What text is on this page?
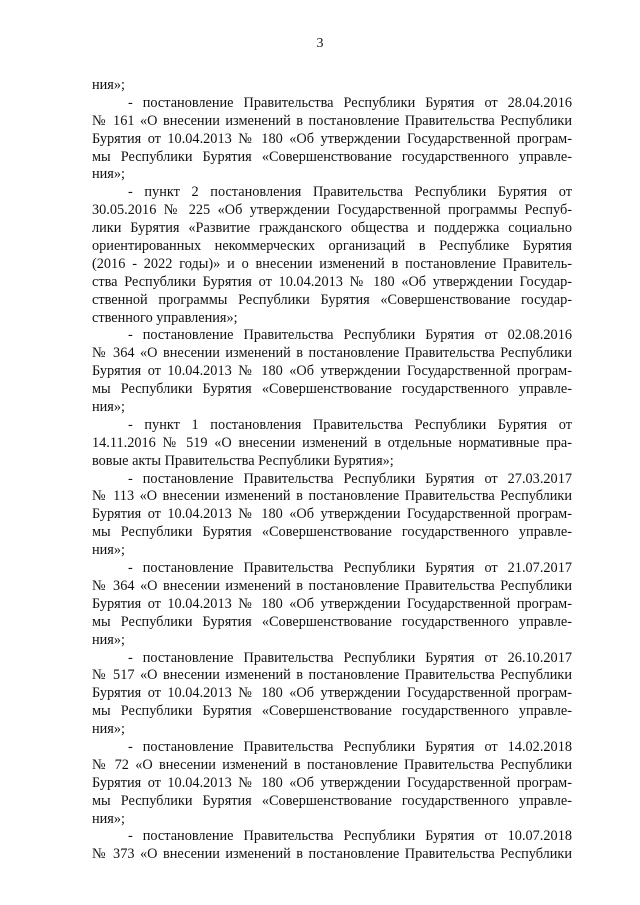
3
ния»;
- постановление Правительства Республики Бурятия от 28.04.2016
№ 161 «О внесении изменений в постановление Правительства Республики
Бурятия от 10.04.2013 № 180 «Об утверждении Государственной програм-
мы Республики Бурятия «Совершенствование государственного управле-
ния»;
- пункт 2 постановления Правительства Республики Бурятия от
30.05.2016 № 225 «Об утверждении Государственной программы Респуб-
лики Бурятия «Развитие гражданского общества и поддержка социально
ориентированных некоммерческих организаций в Республике Бурятия
(2016 - 2022 годы)» и о внесении изменений в постановление Правитель-
ства Республики Бурятия от 10.04.2013 № 180 «Об утверждении Государ-
ственной программы Республики Бурятия «Совершенствование государ-
ственного управления»;
- постановление Правительства Республики Бурятия от 02.08.2016
№ 364 «О внесении изменений в постановление Правительства Республики
Бурятия от 10.04.2013 № 180 «Об утверждении Государственной програм-
мы Республики Бурятия «Совершенствование государственного управле-
ния»;
- пункт 1 постановления Правительства Республики Бурятия от
14.11.2016 № 519 «О внесении изменений в отдельные нормативные пра-
вовые акты Правительства Республики Бурятия»;
- постановление Правительства Республики Бурятия от 27.03.2017
№ 113 «О внесении изменений в постановление Правительства Республики
Бурятия от 10.04.2013 № 180 «Об утверждении Государственной програм-
мы Республики Бурятия «Совершенствование государственного управле-
ния»;
- постановление Правительства Республики Бурятия от 21.07.2017
№ 364 «О внесении изменений в постановление Правительства Республики
Бурятия от 10.04.2013 № 180 «Об утверждении Государственной програм-
мы Республики Бурятия «Совершенствование государственного управле-
ния»;
- постановление Правительства Республики Бурятия от 26.10.2017
№ 517 «О внесении изменений в постановление Правительства Республики
Бурятия от 10.04.2013 № 180 «Об утверждении Государственной програм-
мы Республики Бурятия «Совершенствование государственного управле-
ния»;
- постановление Правительства Республики Бурятия от 14.02.2018
№ 72 «О внесении изменений в постановление Правительства Республики
Бурятия от 10.04.2013 № 180 «Об утверждении Государственной програм-
мы Республики Бурятия «Совершенствование государственного управле-
ния»;
- постановление Правительства Республики Бурятия от 10.07.2018
№ 373 «О внесении изменений в постановление Правительства Республики
